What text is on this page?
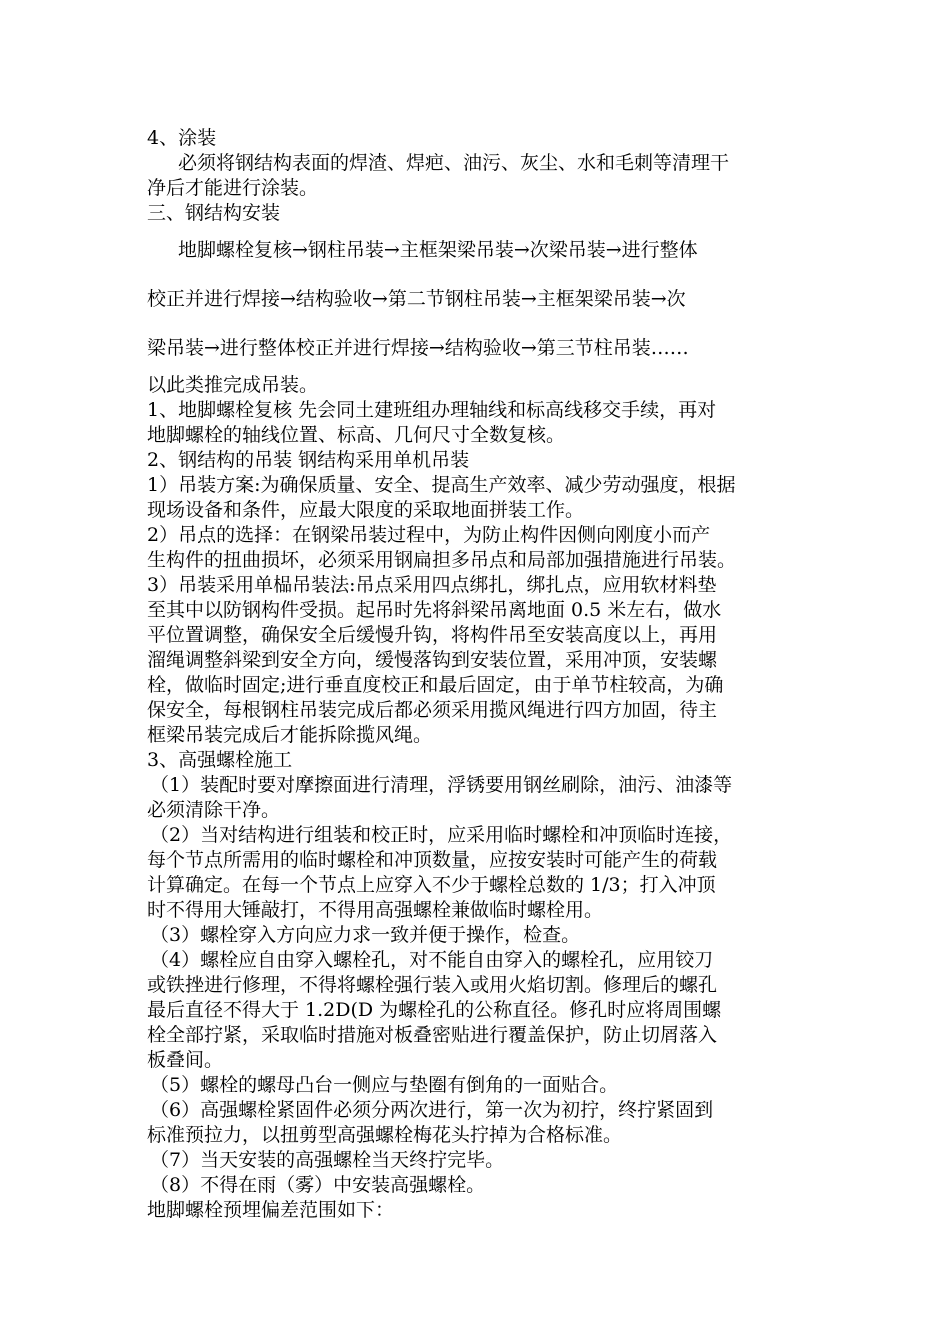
4、涂装

必须将钢结构表面的焊渣、焊疤、油污、灰尘、水和毛刺等清理干

净后才能进行涂装。

三、钢结构安装

地脚螺栓复核→钢柱吊装→主框架梁吊装→次梁吊装→进行整体

校正并进行焊接→结构验收→第二节钢柱吊装→主框架梁吊装→次

梁吊装→进行整体校正并进行焊接→结构验收→第三节柱吊装……

以此类推完成吊装。

1、地脚螺栓复核 先会同土建班组办理轴线和标高线移交手续，再对

地脚螺栓的轴线位置、标高、几何尺寸全数复核。

2、钢结构的吊装 钢结构采用单机吊装

1）吊装方案:为确保质量、安全、提高生产效率、减少劳动强度，根据

现场设备和条件，应最大限度的采取地面拼装工作。

2）吊点的选择：在钢梁吊装过程中，为防止构件因侧向刚度小而产

生构件的扭曲损坏，必须采用钢扁担多吊点和局部加强措施进行吊装。

3）吊装采用单榀吊装法:吊点采用四点绑扎，绑扎点，应用软材料垫

至其中以防钢构件受损。起吊时先将斜梁吊离地面 0.5 米左右，做水

平位置调整，确保安全后缓慢升钩，将构件吊至安装高度以上，再用

溜绳调整斜梁到安全方向，缓慢落钩到安装位置，采用冲顶，安装螺

栓，做临时固定;进行垂直度校正和最后固定，由于单节柱较高，为确

保安全，每根钢柱吊装完成后都必须采用揽风绳进行四方加固，待主

框梁吊装完成后才能拆除揽风绳。

3、高强螺栓施工

（1）装配时要对摩擦面进行清理，浮锈要用钢丝刷除，油污、油漆等

必须清除干净。

（2）当对结构进行组装和校正时，应采用临时螺栓和冲顶临时连接，

每个节点所需用的临时螺栓和冲顶数量，应按安装时可能产生的荷载

计算确定。在每一个节点上应穿入不少于螺栓总数的 1/3；打入冲顶

时不得用大锤敲打，不得用高强螺栓兼做临时螺栓用。

（3）螺栓穿入方向应力求一致并便于操作，检查。

（4）螺栓应自由穿入螺栓孔，对不能自由穿入的螺栓孔，应用铰刀

或铁挫进行修理，不得将螺栓强行装入或用火焰切割。修理后的螺孔

最后直径不得大于 1.2D(D 为螺栓孔的公称直径。修孔时应将周围螺

栓全部拧紧，采取临时措施对板叠密贴进行覆盖保护，防止切屑落入

板叠间。

（5）螺栓的螺母凸台一侧应与垫圈有倒角的一面贴合。

（6）高强螺栓紧固件必须分两次进行，第一次为初拧，终拧紧固到

标准预拉力，以扭剪型高强螺栓梅花头拧掉为合格标准。

（7）当天安装的高强螺栓当天终拧完毕。

（8）不得在雨（雾）中安装高强螺栓。

地脚螺栓预埋偏差范围如下：
